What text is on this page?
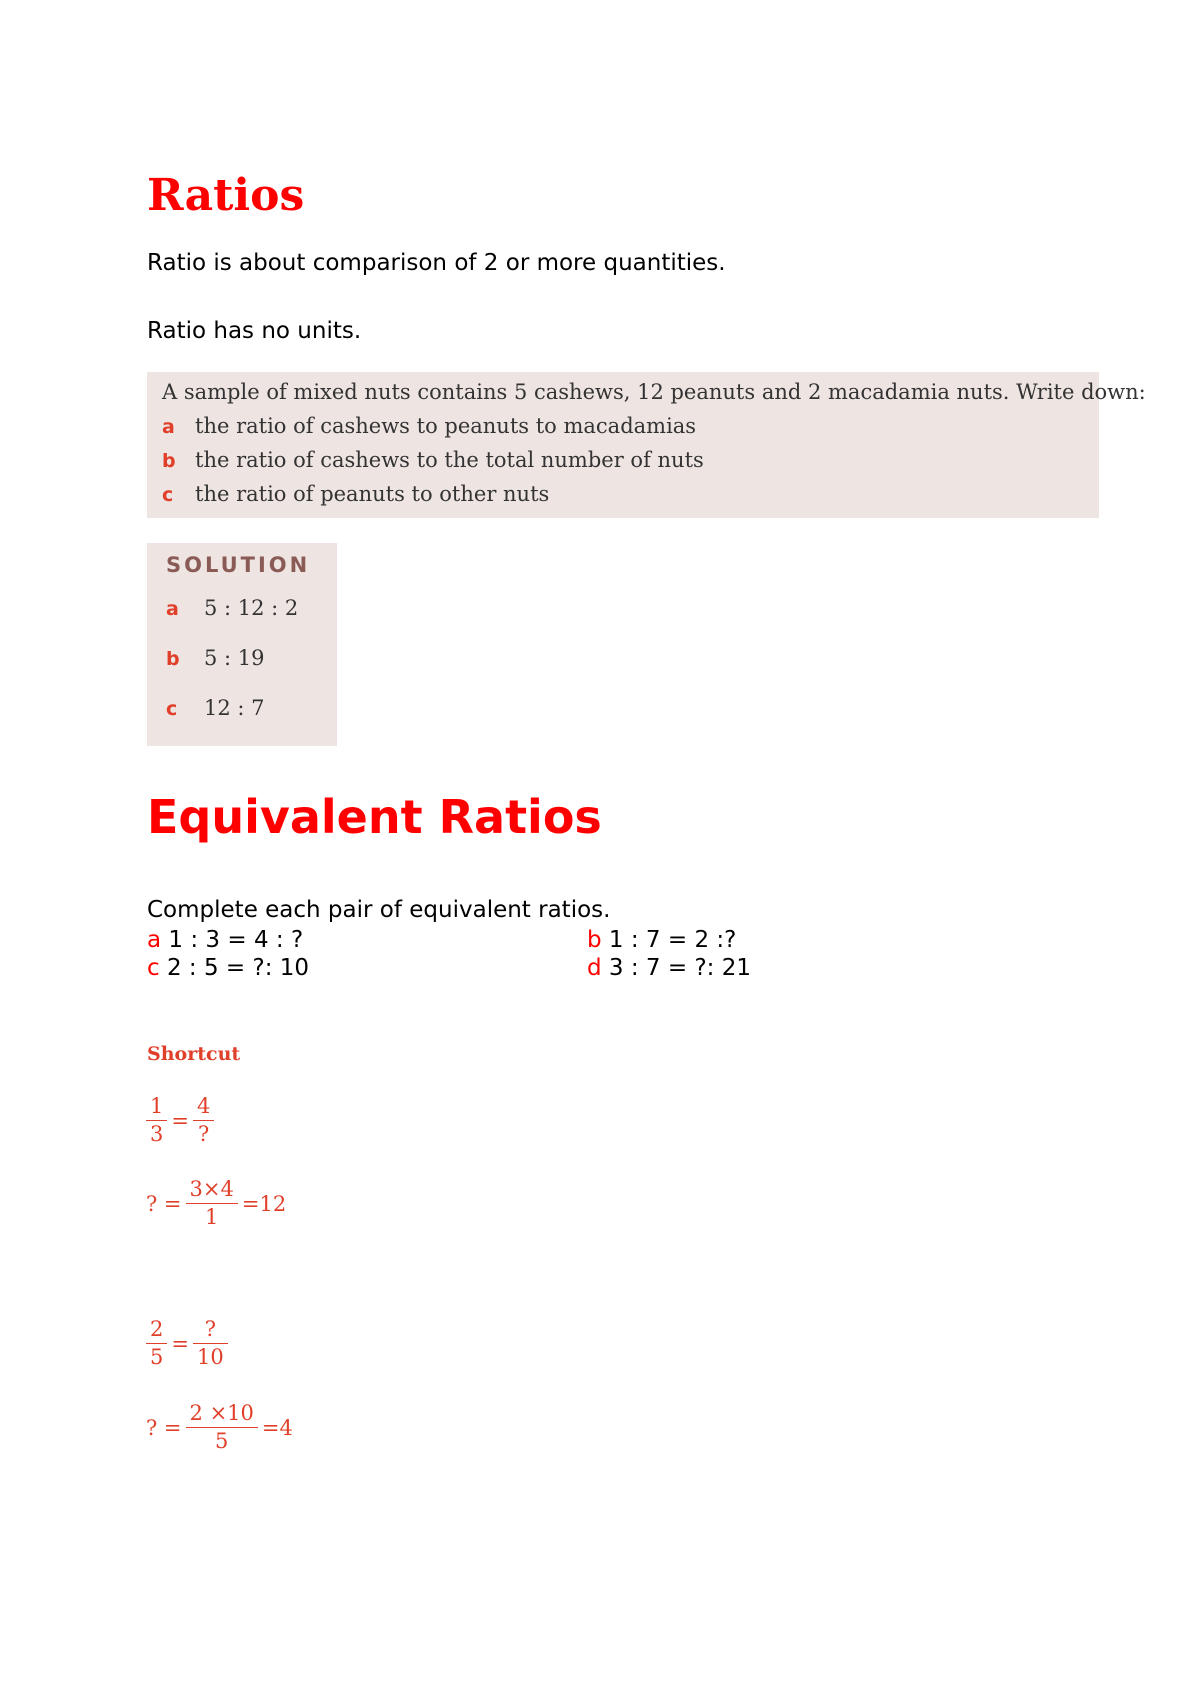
Ratios

Ratio is about comparison of 2 or more quantities.

Ratio has no units.

A sample of mixed nuts contains 5 cashews, 12 peanuts and 2 macadamia nuts. Write down:
a the ratio of cashews to peanuts to macadamias
b the ratio of cashews to the total number of nuts
c the ratio of peanuts to other nuts
SOLUTION
a 5 : 12 : 2
b 5 : 19
c 12 : 7
Equivalent Ratios

Complete each pair of equivalent ratios.

a 1 : 3 = 4 : ?	b 1 : 7 = 2 :?
c 2 : 5 = ?: 10	d 3 : 7 = ?: 21
Shortcut
$\frac{1}{3} = \frac{4}{?}$
? = $\frac{3\times 4}{1} =12$
$\frac{2}{5} = \frac{?}{10}$
? = $\frac{2 \times 10}{5} =4$
